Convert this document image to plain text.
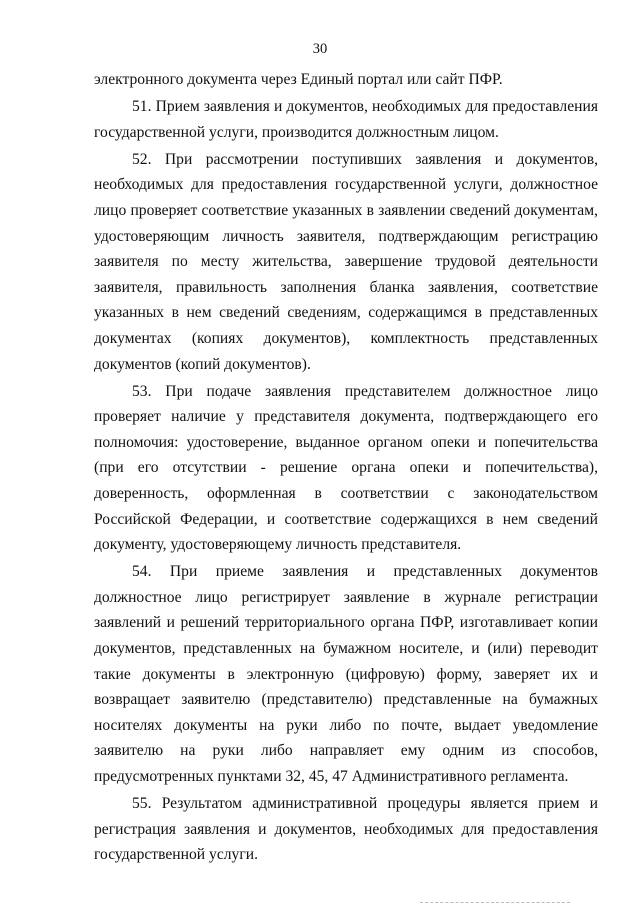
30

электронного документа через Единый портал или сайт ПФР.

51. Прием заявления и документов, необходимых для предоставления государственной услуги, производится должностным лицом.

52. При рассмотрении поступивших заявления и документов, необходимых для предоставления государственной услуги, должностное лицо проверяет соответствие указанных в заявлении сведений документам, удостоверяющим личность заявителя, подтверждающим регистрацию заявителя по месту жительства, завершение трудовой деятельности заявителя, правильность заполнения бланка заявления, соответствие указанных в нем сведений сведениям, содержащимся в представленных документах (копиях документов), комплектность представленных документов (копий документов).

53. При подаче заявления представителем должностное лицо проверяет наличие у представителя документа, подтверждающего его полномочия: удостоверение, выданное органом опеки и попечительства (при его отсутствии - решение органа опеки и попечительства), доверенность, оформленная в соответствии с законодательством Российской Федерации, и соответствие содержащихся в нем сведений документу, удостоверяющему личность представителя.

54. При приеме заявления и представленных документов должностное лицо регистрирует заявление в журнале регистрации заявлений и решений территориального органа ПФР, изготавливает копии документов, представленных на бумажном носителе, и (или) переводит такие документы в электронную (цифровую) форму, заверяет их и возвращает заявителю (представителю) представленные на бумажных носителях документы на руки либо по почте, выдает уведомление заявителю на руки либо направляет ему одним из способов, предусмотренных пунктами 32, 45, 47 Административного регламента.

55. Результатом административной процедуры является прием и регистрация заявления и документов, необходимых для предоставления государственной услуги.
